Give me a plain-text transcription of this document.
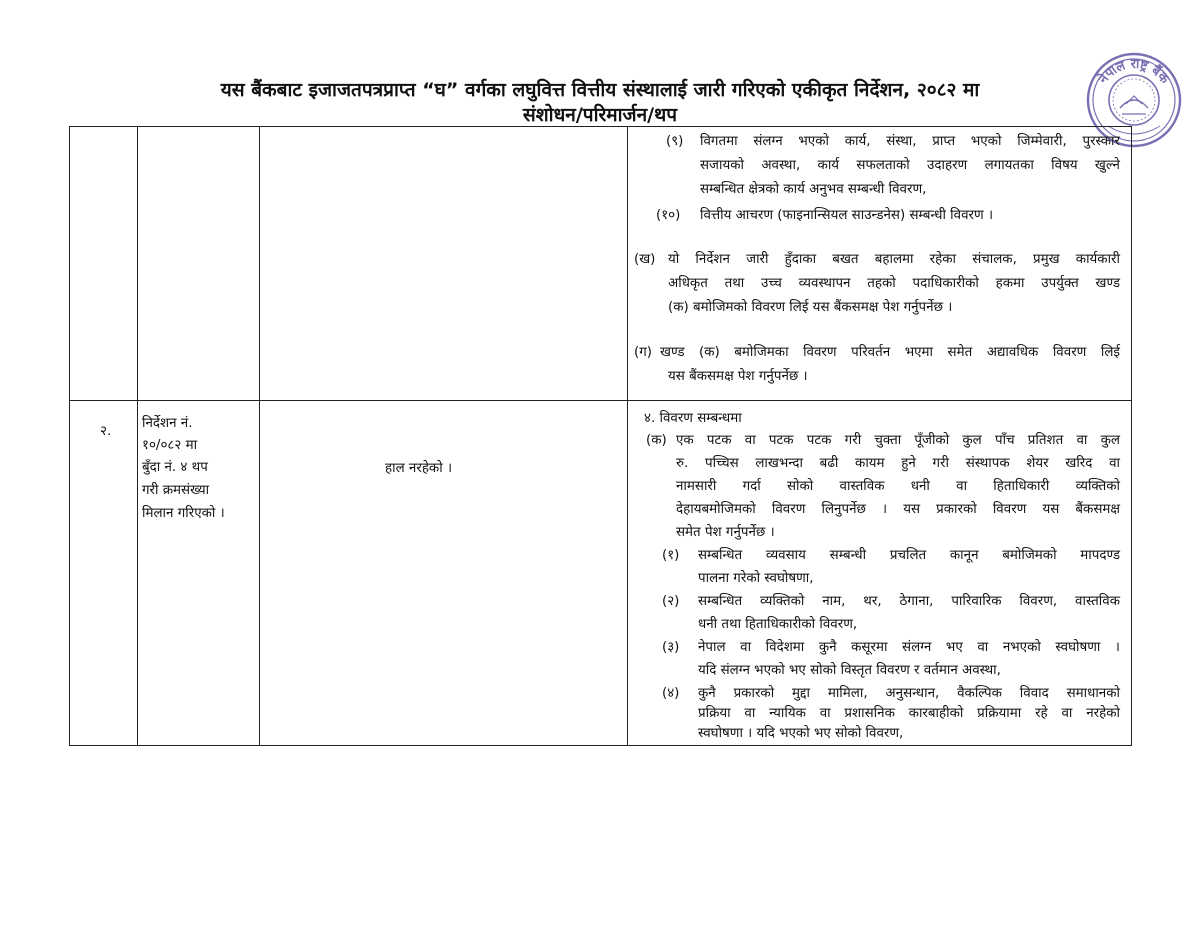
यस बैंकबाट इजाजतपत्रप्राप्त “घ” वर्गका लघुवित्त वित्तीय संस्थालाई जारी गरिएको एकीकृत निर्देशन, २०८२ मा
संशोधन/परिमार्जन/थप
नेपाल राष्ट्र बैंक
(९) विगतमा संलग्न भएको कार्य, संस्था, प्राप्त भएको जिम्मेवारी, पुरस्कार
सजायको अवस्था, कार्य सफलताको उदाहरण लगायतका विषय खुल्ने
सम्बन्धित क्षेत्रको कार्य अनुभव सम्बन्धी विवरण,
(१०) वित्तीय आचरण (फाइनान्सियल साउन्डनेस) सम्बन्धी विवरण ।
(ख) यो निर्देशन जारी हुँदाका बखत बहालमा रहेका संचालक, प्रमुख कार्यकारी
अधिकृत तथा उच्च व्यवस्थापन तहको पदाधिकारीको हकमा उपर्युक्त खण्ड
(क) बमोजिमको विवरण लिई यस बैंकसमक्ष पेश गर्नुपर्नेछ ।
(ग) खण्ड (क) बमोजिमका विवरण परिवर्तन भएमा समेत अद्यावधिक विवरण लिई
यस बैंकसमक्ष पेश गर्नुपर्नेछ ।
२.
निर्देशन नं.
१०/०८२ मा
बुँदा नं. ४ थप
गरी क्रमसंख्या
मिलान गरिएको ।
हाल नरहेको ।
४. विवरण सम्बन्धमा
(क) एक पटक वा पटक पटक गरी चुक्ता पूँजीको कुल पाँच प्रतिशत वा कुल
रु. पच्चिस लाखभन्दा बढी कायम हुने गरी संस्थापक शेयर खरिद वा
नामसारी गर्दा सोको वास्तविक धनी वा हिताधिकारी व्यक्तिको
देहायबमोजिमको विवरण लिनुपर्नेछ । यस प्रकारको विवरण यस बैंकसमक्ष
समेत पेश गर्नुपर्नेछ ।
(१) सम्बन्धित व्यवसाय सम्बन्धी प्रचलित कानून बमोजिमको मापदण्ड
पालना गरेको स्वघोषणा,
(२) सम्बन्धित व्यक्तिको नाम, थर, ठेगाना, पारिवारिक विवरण, वास्तविक
धनी तथा हिताधिकारीको विवरण,
(३) नेपाल वा विदेशमा कुनै कसूरमा संलग्न भए वा नभएको स्वघोषणा ।
यदि संलग्न भएको भए सोको विस्तृत विवरण र वर्तमान अवस्था,
(४) कुनै प्रकारको मुद्दा मामिला, अनुसन्धान, वैकल्पिक विवाद समाधानको
प्रक्रिया वा न्यायिक वा प्रशासनिक कारबाहीको प्रक्रियामा रहे वा नरहेको
स्वघोषणा । यदि भएको भए सोको विवरण,
